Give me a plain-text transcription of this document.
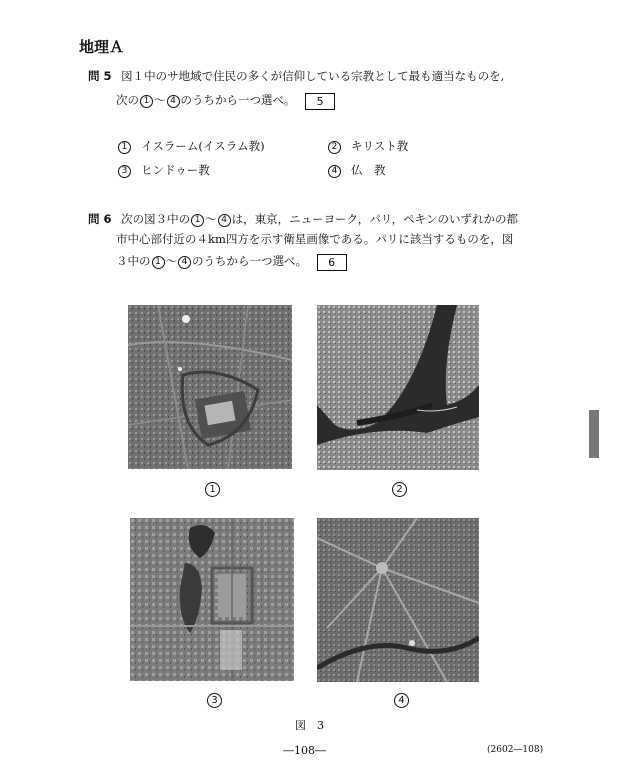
地理Ａ
問 5 図１中のサ地域で住民の多くが信仰している宗教として最も適当なものを,
次の 1 ～ 4 のうちから一つ選べ。 5
1 イスラーム(イスラム教)	2 キリスト教
3 ヒンドゥー教	4 仏　教
問 6 次の図３中の 1 ～ 4 は，東京，ニューヨーク，パリ，ペキンのいずれかの都
市中心部付近の４km四方を示す衛星画像である。パリに該当するものを，図
３中の 1 ～ 4 のうちから一つ選べ。 6
1	2
3	4
図　3
―108―	(2602―108)
